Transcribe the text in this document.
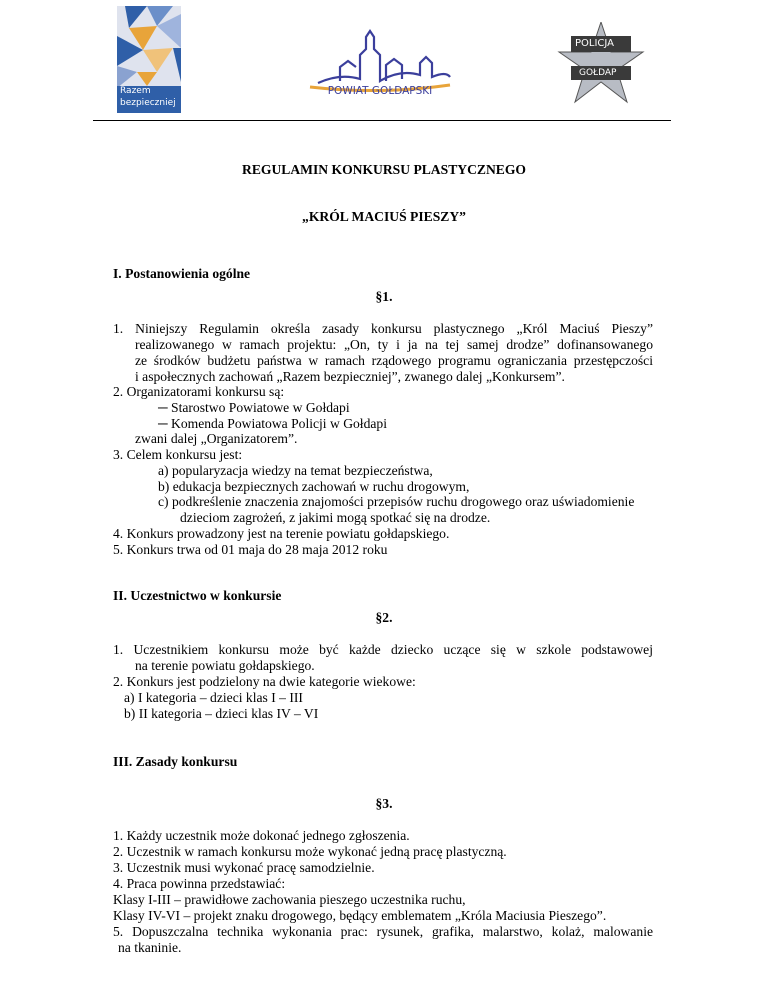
Razem
bezpieczniej
POWIAT GOŁDAPSKI
POLICJA
GOŁDAP
REGULAMIN KONKURSU PLASTYCZNEGO
„KRÓL MACIUŚ PIESZY”
I. Postanowienia ogólne
§1.
1. Niniejszy Regulamin określa zasady konkursu plastycznego „Król Maciuś Pieszy”
realizowanego w ramach projektu: „On, ty i ja na tej samej drodze” dofinansowanego
ze środków budżetu państwa w ramach rządowego programu ograniczania przestępczości
i aspołecznych zachowań „Razem bezpieczniej”, zwanego dalej „Konkursem”.
2. Organizatorami konkursu są:
─ Starostwo Powiatowe w Gołdapi
─ Komenda Powiatowa Policji w Gołdapi
zwani dalej „Organizatorem”.
3. Celem konkursu jest:
a) popularyzacja wiedzy na temat bezpieczeństwa,
b) edukacja bezpiecznych zachowań w ruchu drogowym,
c) podkreślenie znaczenia znajomości przepisów ruchu drogowego oraz uświadomienie
dzieciom zagrożeń, z jakimi mogą spotkać się na drodze.
4. Konkurs prowadzony jest na terenie powiatu gołdapskiego.
5. Konkurs trwa od 01 maja do 28 maja 2012 roku
II. Uczestnictwo w konkursie
§2.
1. Uczestnikiem konkursu może być każde dziecko uczące się w szkole podstawowej
na terenie powiatu gołdapskiego.
2. Konkurs jest podzielony na dwie kategorie wiekowe:
a) I kategoria – dzieci klas I – III
b) II kategoria – dzieci klas IV – VI
III. Zasady konkursu
§3.
1. Każdy uczestnik może dokonać jednego zgłoszenia.
2. Uczestnik w ramach konkursu może wykonać jedną pracę plastyczną.
3. Uczestnik musi wykonać pracę samodzielnie.
4. Praca powinna przedstawiać:
Klasy I-III – prawidłowe zachowania pieszego uczestnika ruchu,
Klasy IV-VI – projekt znaku drogowego, będący emblematem „Króla Maciusia Pieszego”.
5. Dopuszczalna technika wykonania prac: rysunek, grafika, malarstwo, kolaż, malowanie
na tkaninie.
